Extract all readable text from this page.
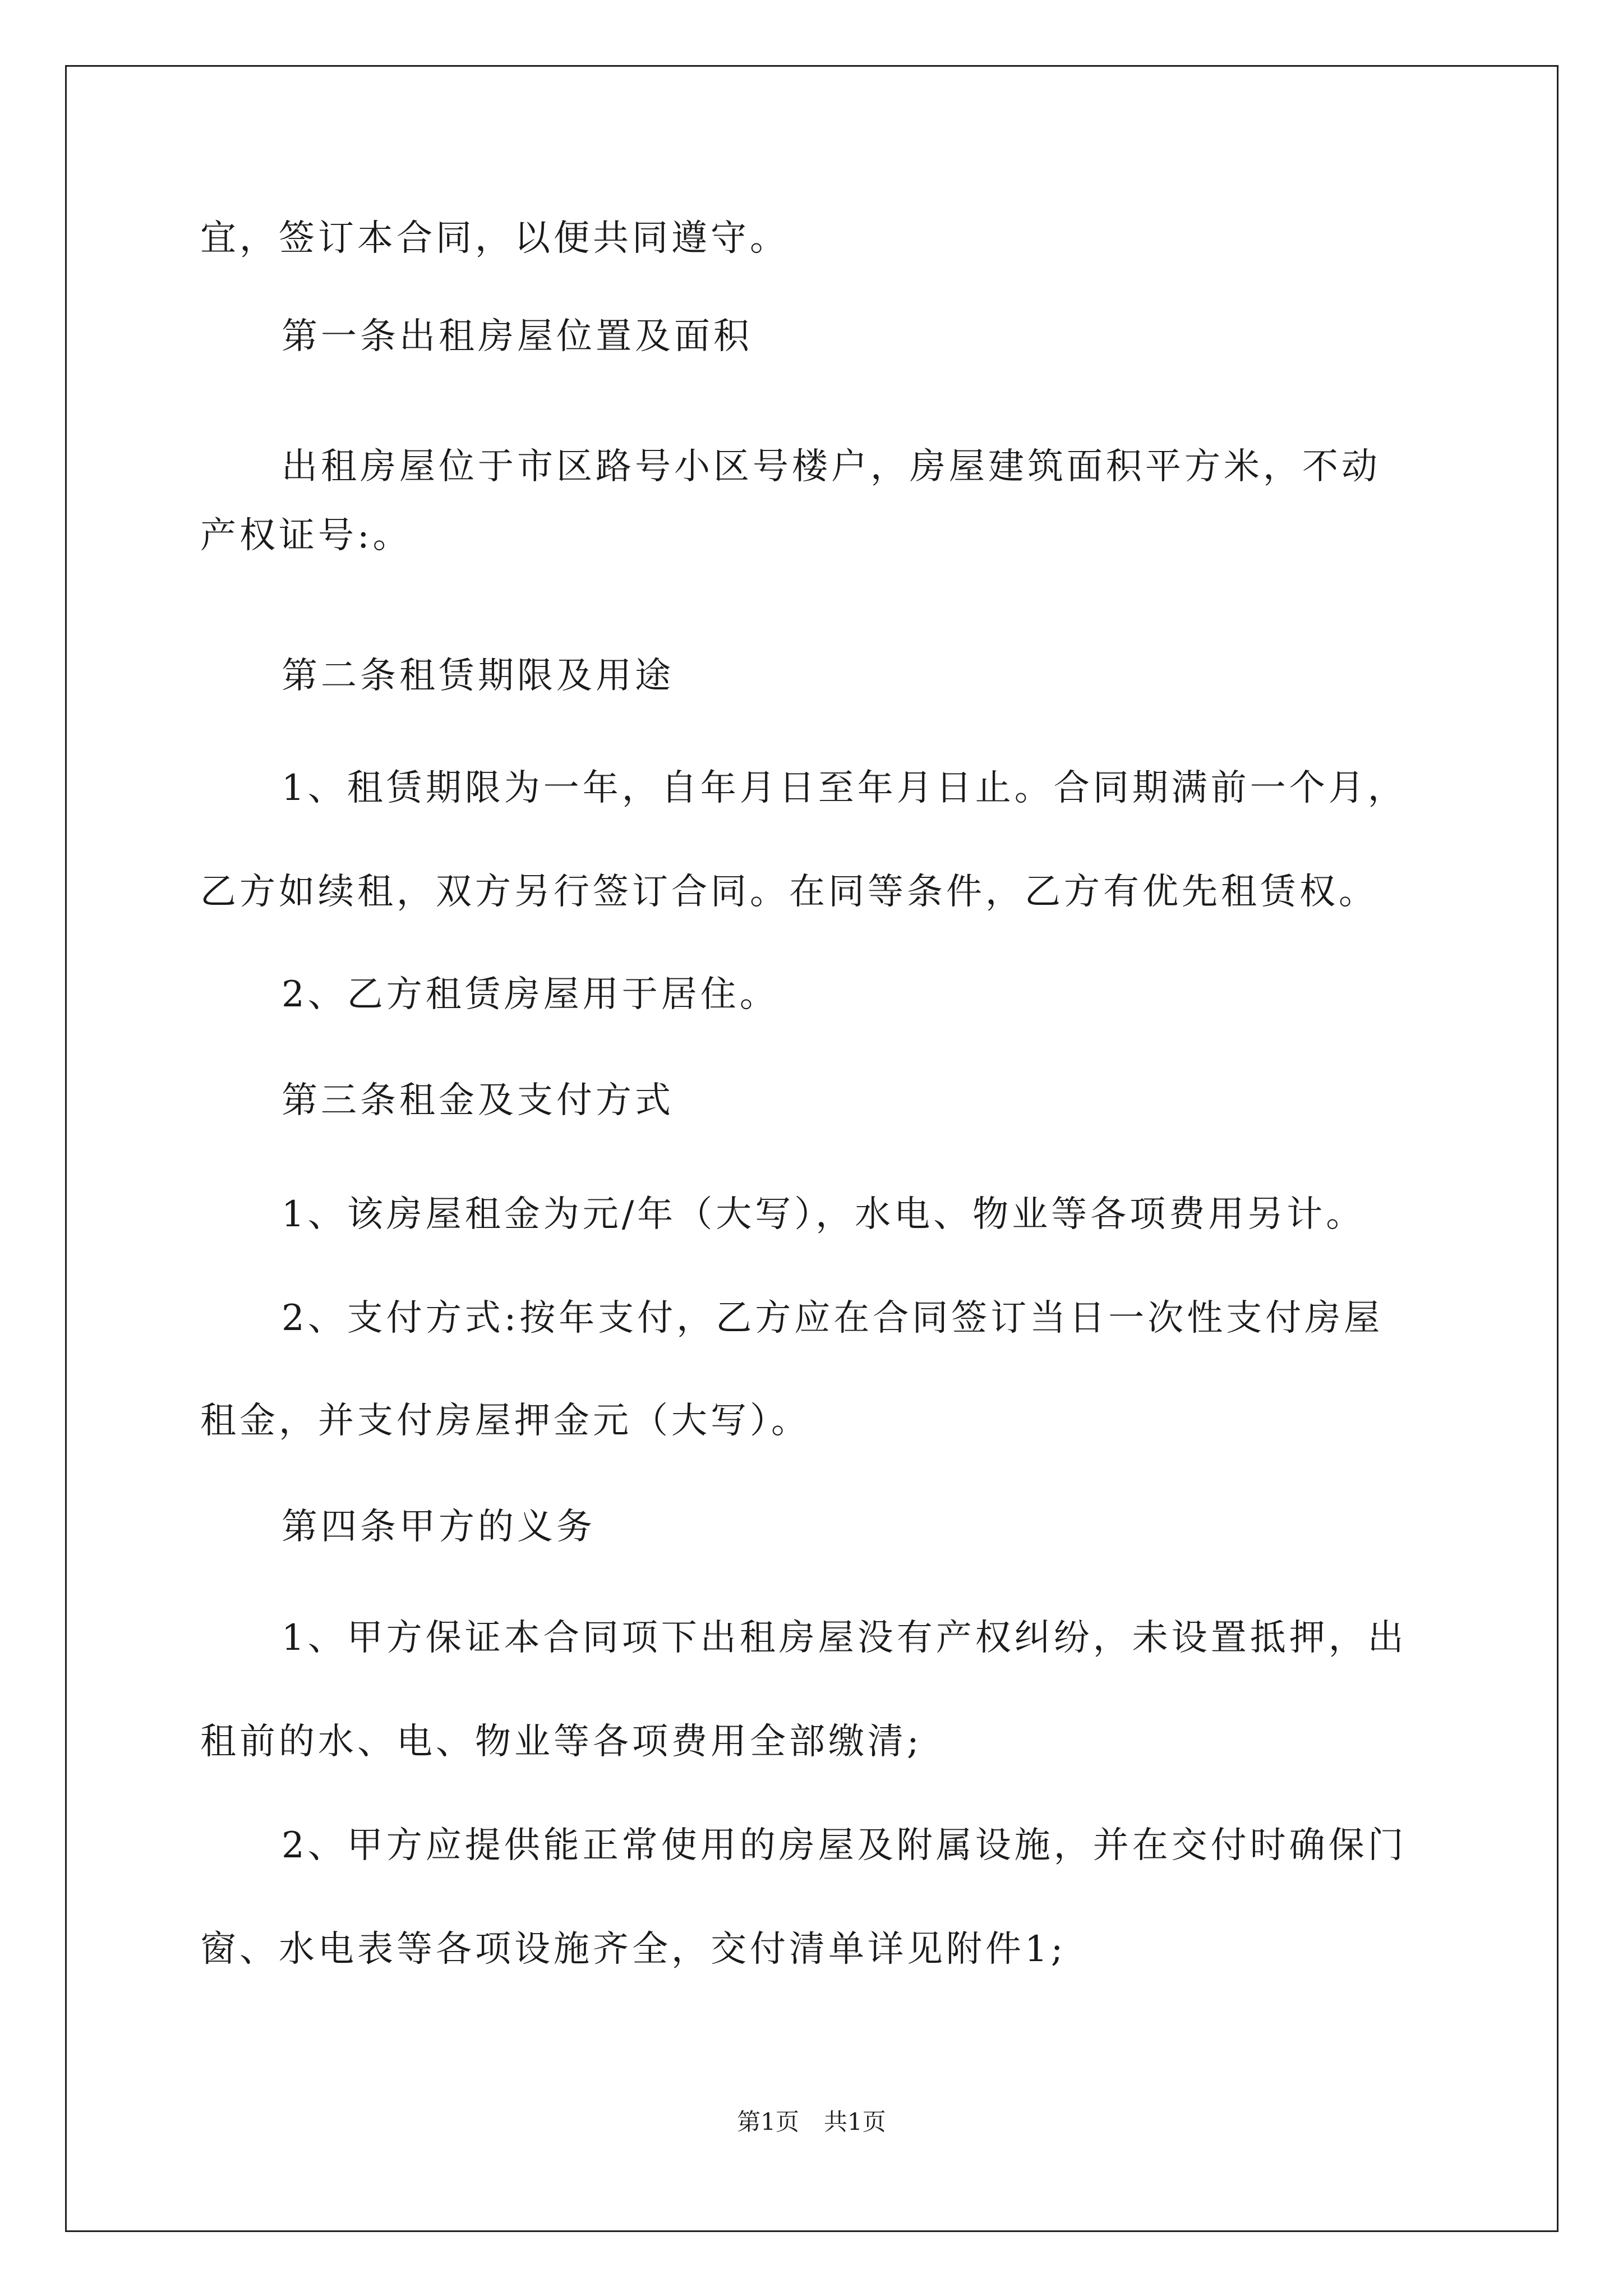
宜，签订本合同，以便共同遵守。
第一条出租房屋位置及面积
出租房屋位于市区路号小区号楼户，房屋建筑面积平方米，不动
产权证号:。
第二条租赁期限及用途
1、租赁期限为一年，自年月日至年月日止。合同期满前一个月，
乙方如续租，双方另行签订合同。在同等条件，乙方有优先租赁权。
2、乙方租赁房屋用于居住。
第三条租金及支付方式
1、该房屋租金为元/年（大写），水电、物业等各项费用另计。
2、支付方式:按年支付，乙方应在合同签订当日一次性支付房屋
租金，并支付房屋押金元（大写）。
第四条甲方的义务
1、甲方保证本合同项下出租房屋没有产权纠纷，未设置抵押，出
租前的水、电、物业等各项费用全部缴清;
2、甲方应提供能正常使用的房屋及附属设施，并在交付时确保门
窗、水电表等各项设施齐全，交付清单详见附件1;
第1页 共1页
